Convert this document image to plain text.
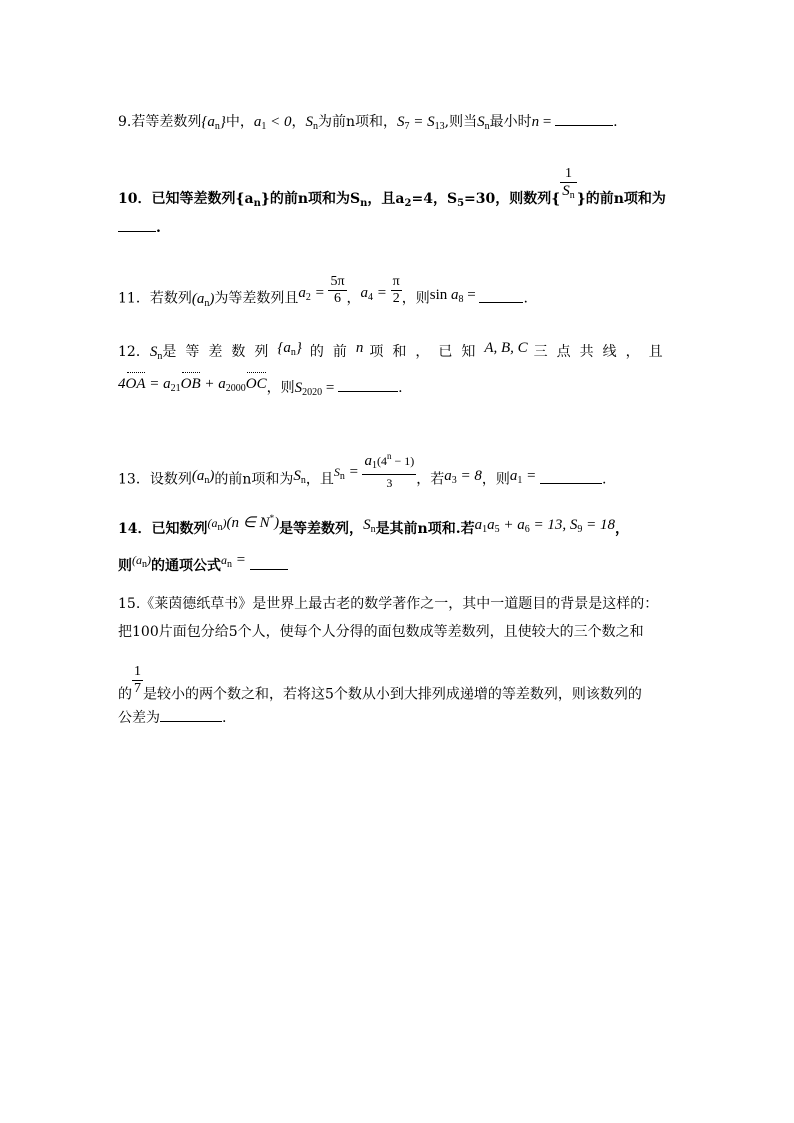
9.若等差数列$\{a_n\}$中，$a_1 < 0$，$S_n$为前n项和，$S_7 = S_{13}$,则当$S_n$最小时n =	.
10．已知等差数列$\{a_n\}$的前n项和为$S_n$，且$a_2=4$，$S_5=30$，则数列{ $\frac{1}{S_n}$ }的前n项和为
.
11．若数列$(a_n)$为等差数列且$a_2 = \frac{5\pi}{6}$ ，$a_4 = \frac{\pi}{2}$ ，则$\sin a_8$ =	.
12．$S_n$是等差数列$\{a_n\}$ 的前n 项和，已知A, B, C 三点共线，且
$4OA = a_{21}OB + a_{2000}OC$，则$S_{2020}$ =	.
13．设数列$(a_n)$的前n项和为$S_n$，且$S_n = \frac{a_1(4^n - 1)}{3}$ ，若$a_3 = 8$，则$a_1$ =	.
14．已知数列$(a_n)(n$ ∈ N*)是等差数列，$S_n$是其前n项和.若$a_1a_5 + a_6 = 13$, $S_9 = 18$，
则$(a_n)$的通项公式$a_n$ =
15.《莱茵德纸草书》是世界上最古老的数学著作之一，其中一道题目的背景是这样的：
把100片面包分给5个人，使每个人分得的面包数成等差数列，且使较大的三个数之和
的 $\frac{1}{7}$ 是较小的两个数之和，若将这5个数从小到大排列成递增的等差数列，则该数列的
公差为	.
